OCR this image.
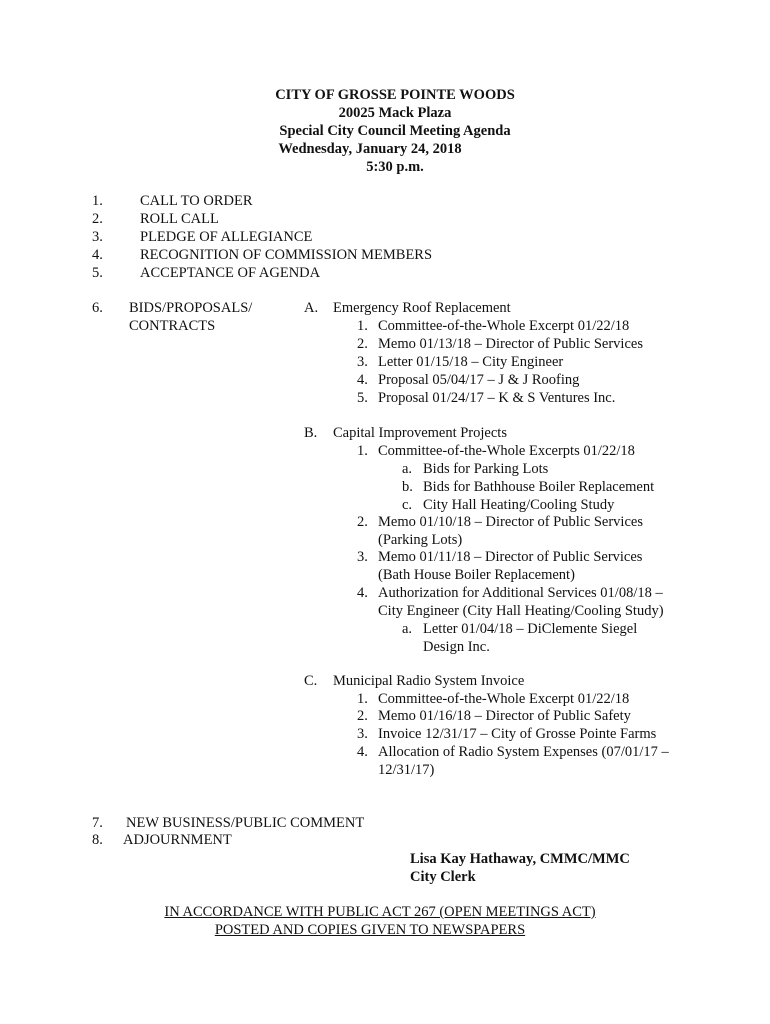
CITY OF GROSSE POINTE WOODS
20025 Mack Plaza
Special City Council Meeting Agenda
Wednesday, January 24, 2018
5:30 p.m.
1.	CALL TO ORDER
2.	ROLL CALL
3.	PLEDGE OF ALLEGIANCE
4.	RECOGNITION OF COMMISSION MEMBERS
5.	ACCEPTANCE OF AGENDA
6. BIDS/PROPOSALS/
CONTRACTS
A. Emergency Roof Replacement
1. Committee-of-the-Whole Excerpt 01/22/18
2. Memo 01/13/18 – Director of Public Services
3. Letter 01/15/18 – City Engineer
4. Proposal 05/04/17 – J & J Roofing
5. Proposal 01/24/17 – K & S Ventures Inc.
B. Capital Improvement Projects
1. Committee-of-the-Whole Excerpts 01/22/18
a. Bids for Parking Lots
b. Bids for Bathhouse Boiler Replacement
c. City Hall Heating/Cooling Study
2. Memo 01/10/18 – Director of Public Services
(Parking Lots)
3. Memo 01/11/18 – Director of Public Services
(Bath House Boiler Replacement)
4. Authorization for Additional Services 01/08/18 –
City Engineer (City Hall Heating/Cooling Study)
a. Letter 01/04/18 – DiClemente Siegel
Design Inc.
C. Municipal Radio System Invoice
1. Committee-of-the-Whole Excerpt 01/22/18
2. Memo 01/16/18 – Director of Public Safety
3. Invoice 12/31/17 – City of Grosse Pointe Farms
4. Allocation of Radio System Expenses (07/01/17 –
12/31/17)
7. NEW BUSINESS/PUBLIC COMMENT
8. ADJOURNMENT
Lisa Kay Hathaway, CMMC/MMC
City Clerk
IN ACCORDANCE WITH PUBLIC ACT 267 (OPEN MEETINGS ACT)
POSTED AND COPIES GIVEN TO NEWSPAPERS
